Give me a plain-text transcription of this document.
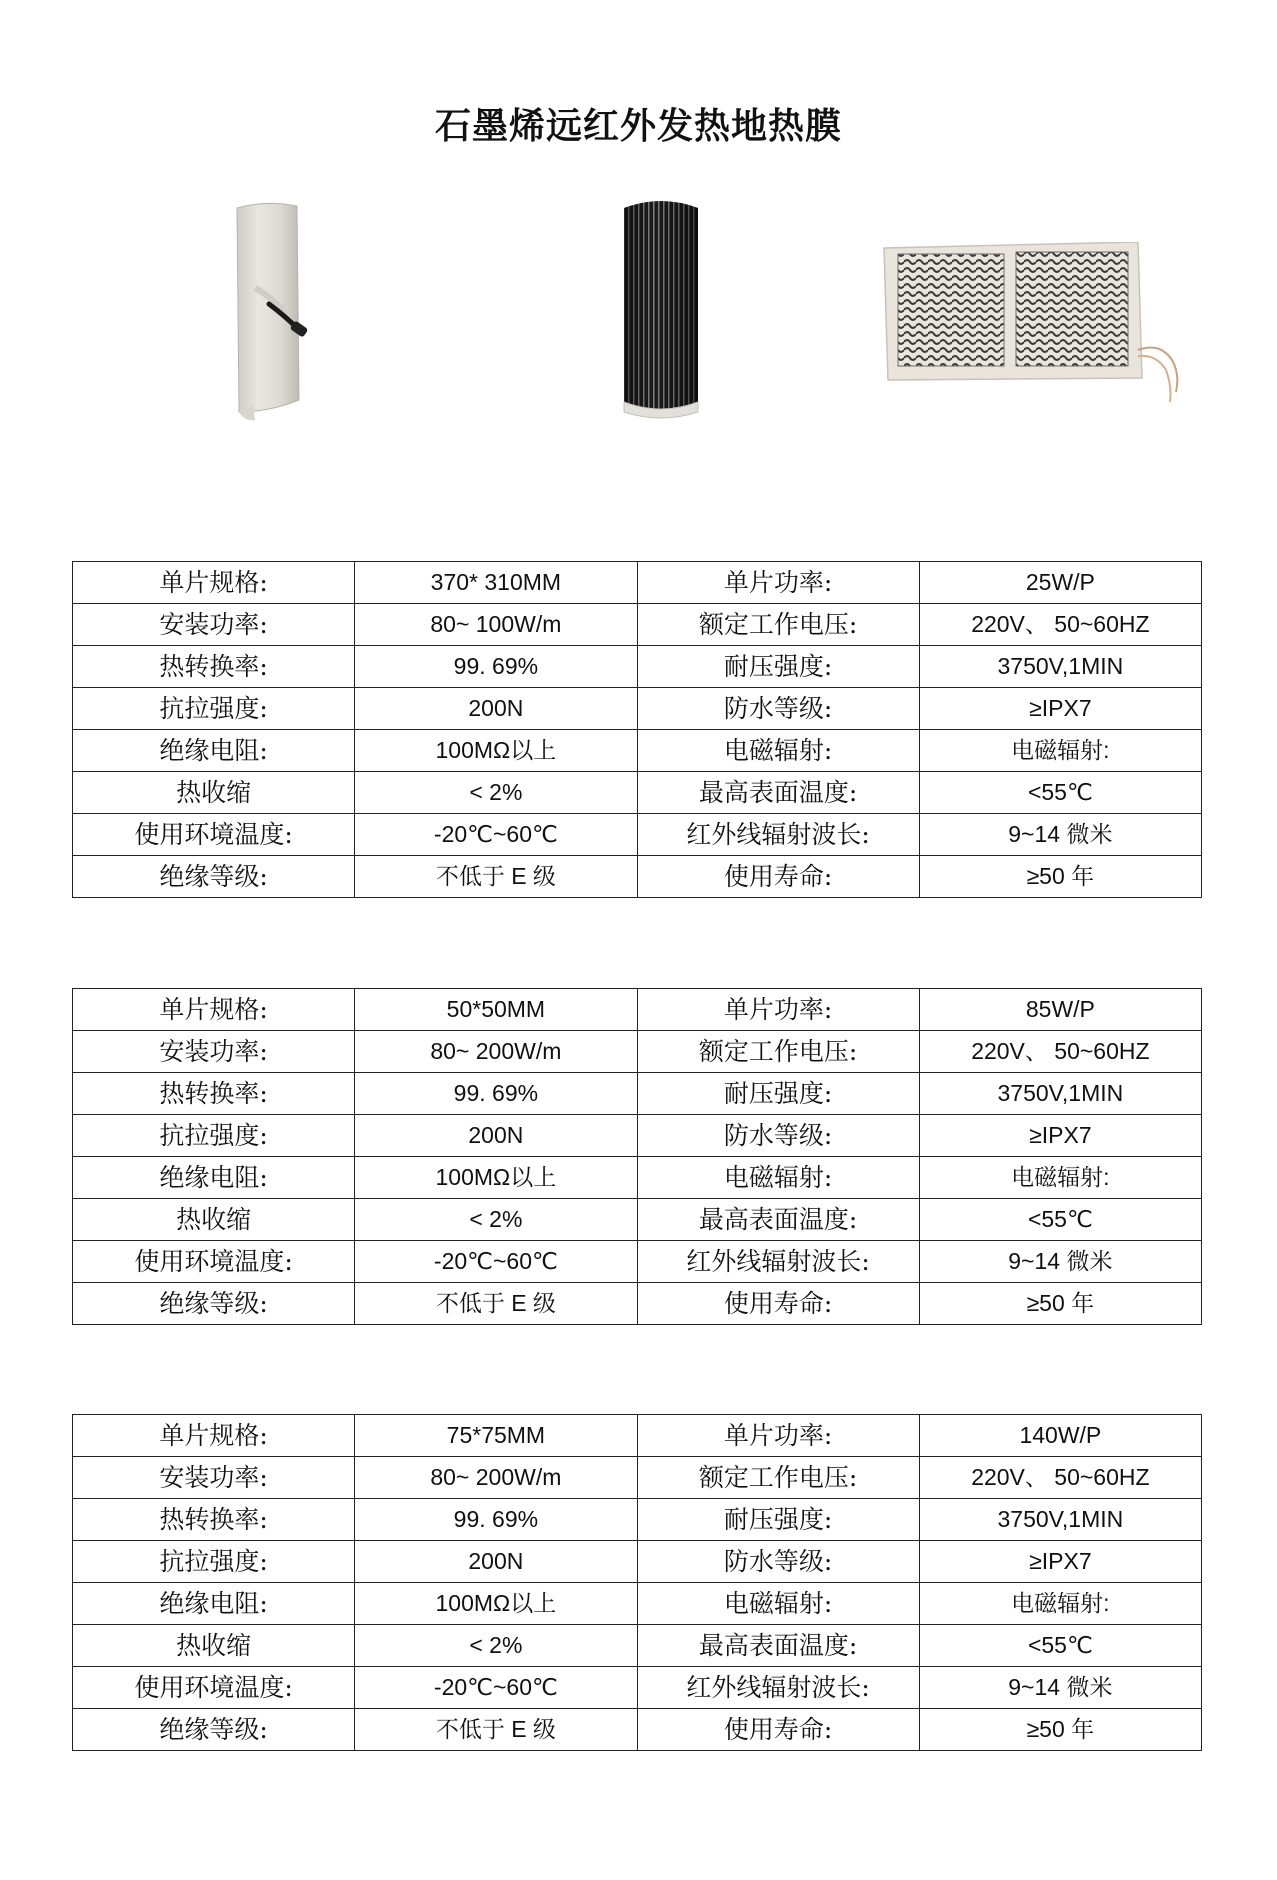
石墨烯远红外发热地热膜
单片规格:	370* 310MM	单片功率:	25W/P
安装功率:	80~ 100W/m	额定工作电压:	220V、 50~60HZ
热转换率:	99. 69%	耐压强度:	3750V,1MIN
抗拉强度:	200N	防水等级:	≥IPX7
绝缘电阻:	100MΩ以上	电磁辐射:	电磁辐射:
热收缩	< 2%	最高表面温度:	<55℃
使用环境温度:	-20℃~60℃	红外线辐射波长:	9~14 微米
绝缘等级:	不低于 E 级	使用寿命:	≥50 年
单片规格:	50*50MM	单片功率:	85W/P
安装功率:	80~ 200W/m	额定工作电压:	220V、 50~60HZ
热转换率:	99. 69%	耐压强度:	3750V,1MIN
抗拉强度:	200N	防水等级:	≥IPX7
绝缘电阻:	100MΩ以上	电磁辐射:	电磁辐射:
热收缩	< 2%	最高表面温度:	<55℃
使用环境温度:	-20℃~60℃	红外线辐射波长:	9~14 微米
绝缘等级:	不低于 E 级	使用寿命:	≥50 年
单片规格:	75*75MM	单片功率:	140W/P
安装功率:	80~ 200W/m	额定工作电压:	220V、 50~60HZ
热转换率:	99. 69%	耐压强度:	3750V,1MIN
抗拉强度:	200N	防水等级:	≥IPX7
绝缘电阻:	100MΩ以上	电磁辐射:	电磁辐射:
热收缩	< 2%	最高表面温度:	<55℃
使用环境温度:	-20℃~60℃	红外线辐射波长:	9~14 微米
绝缘等级:	不低于 E 级	使用寿命:	≥50 年
